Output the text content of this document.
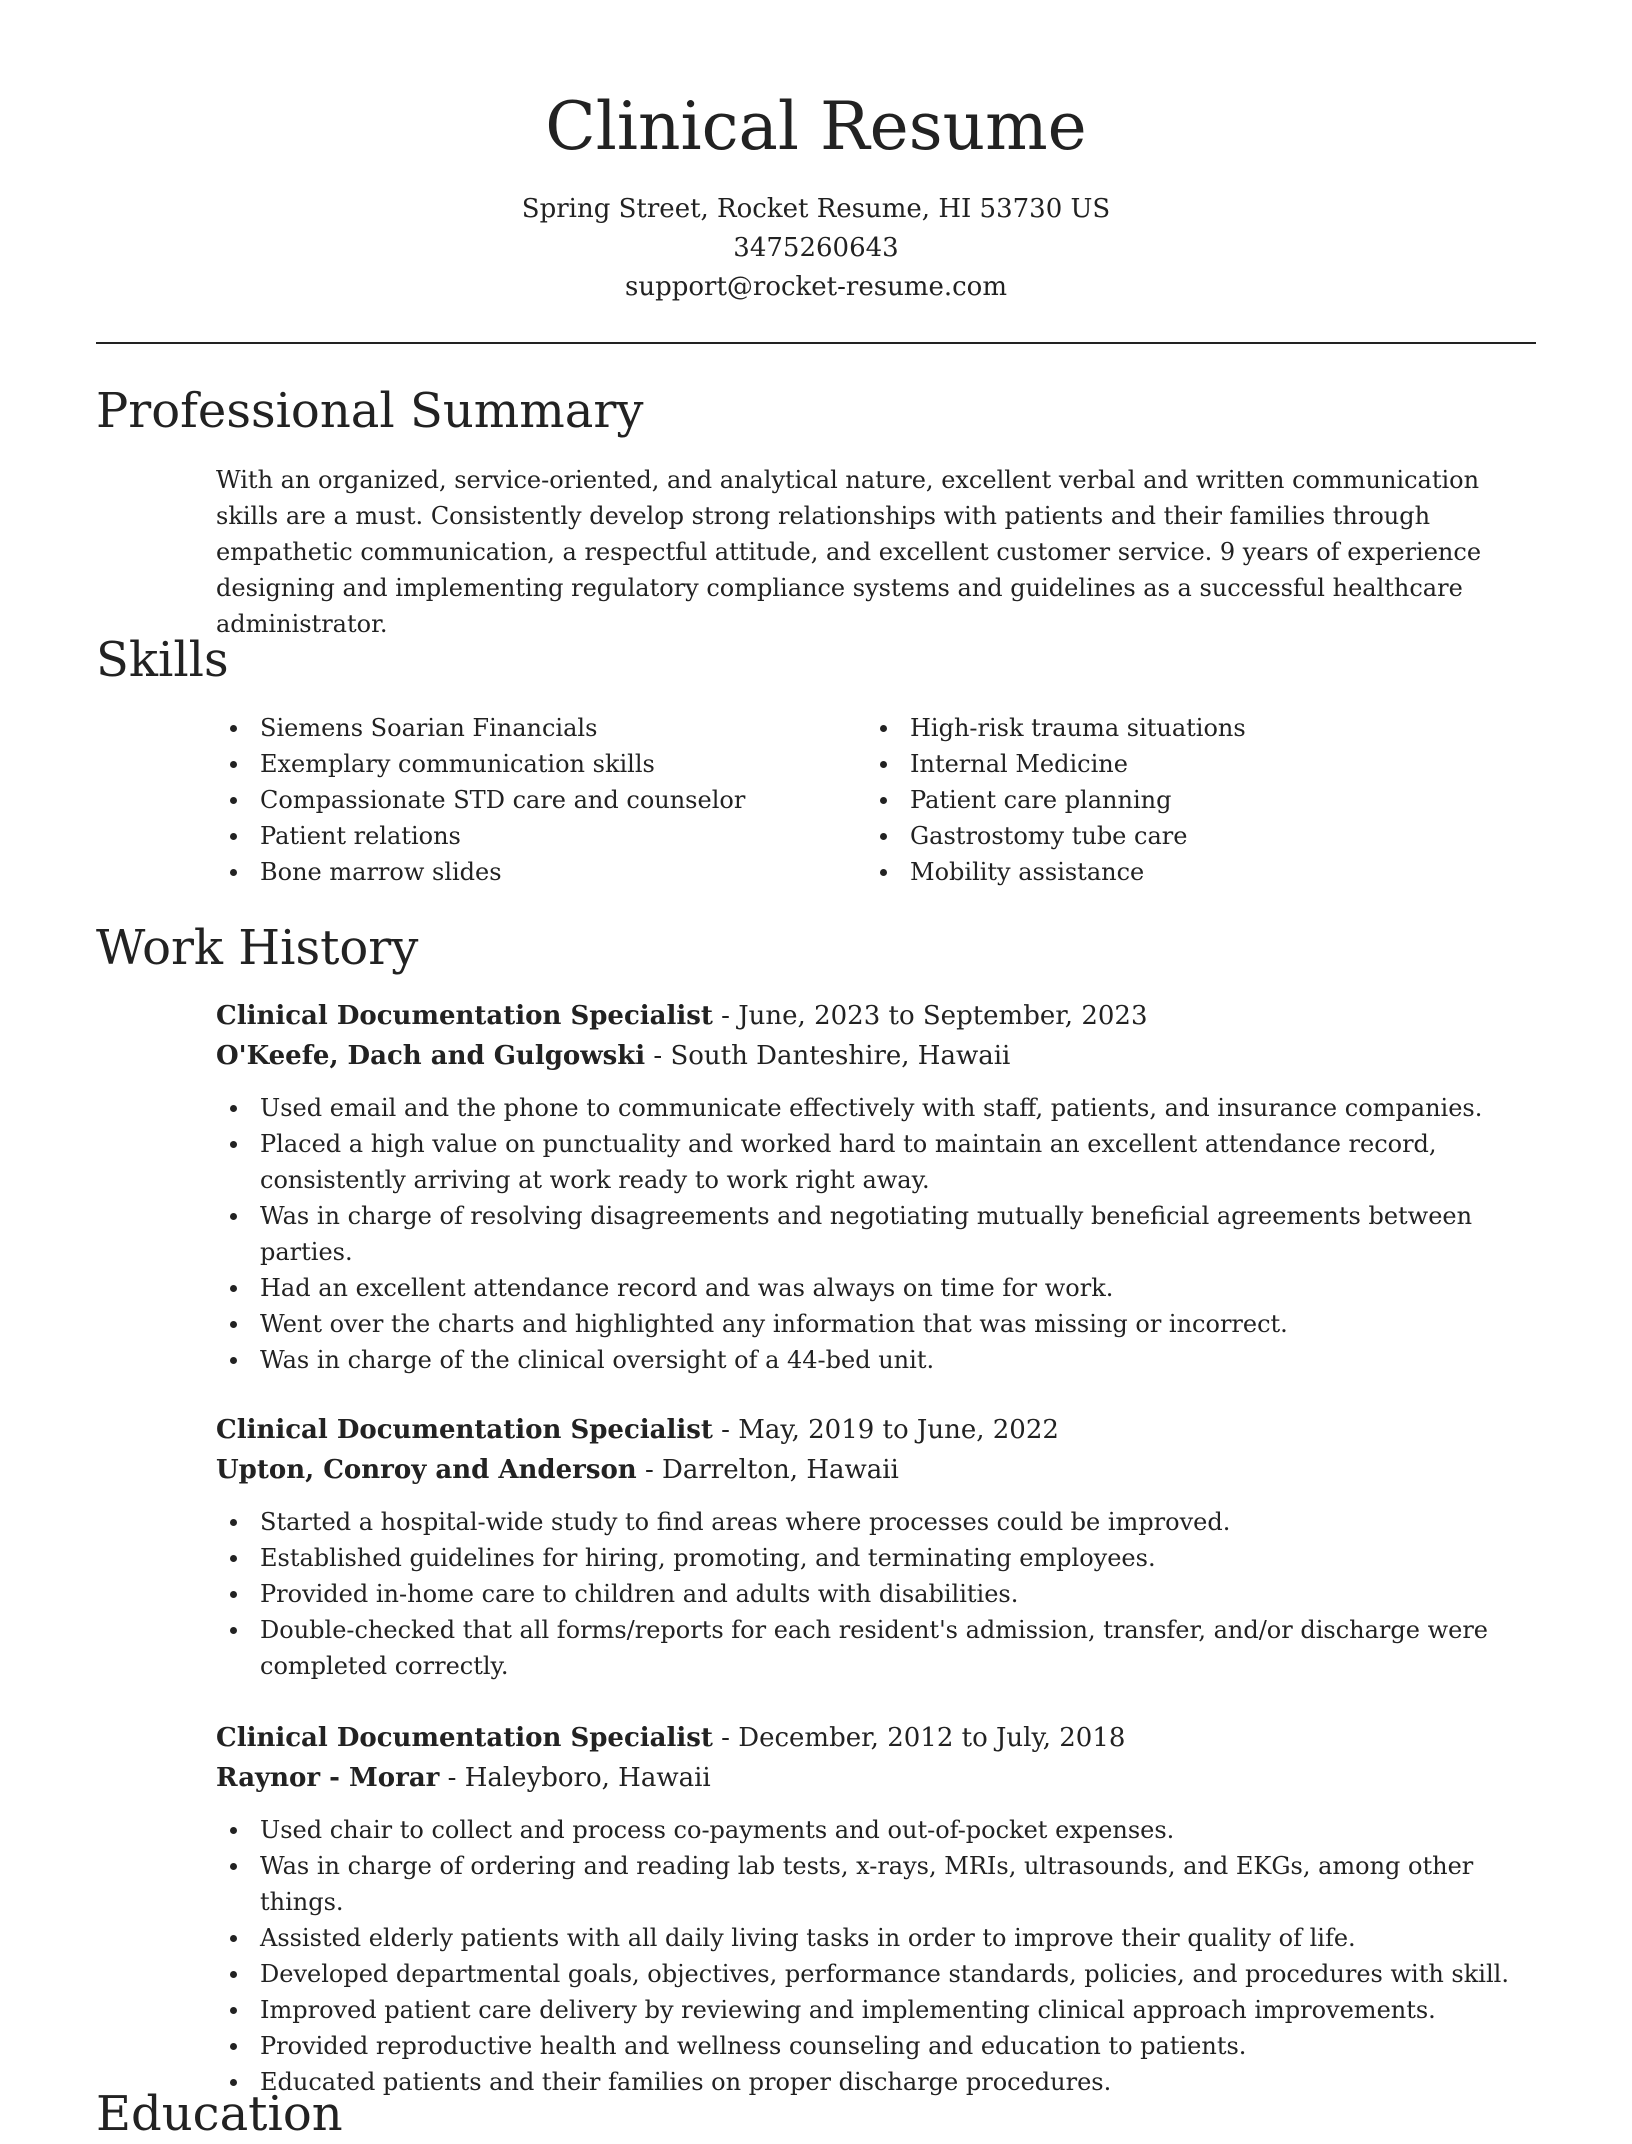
Clinical Resume
Spring Street, Rocket Resume, HI 53730 US
3475260643
support@rocket-resume.com
Professional Summary

With an organized, service-oriented, and analytical nature, excellent verbal and written communication skills are a must. Consistently develop strong relationships with patients and their families through empathetic communication, a respectful attitude, and excellent customer service. 9 years of experience designing and implementing regulatory compliance systems and guidelines as a successful healthcare administrator.

Skills
Siemens Soarian Financials
Exemplary communication skills
Compassionate STD care and counselor
Patient relations
Bone marrow slides
High-risk trauma situations
Internal Medicine
Patient care planning
Gastrostomy tube care
Mobility assistance
Work History
Clinical Documentation Specialist - June, 2023 to September, 2023
O'Keefe, Dach and Gulgowski - South Danteshire, Hawaii
Used email and the phone to communicate effectively with staff, patients, and insurance companies.
Placed a high value on punctuality and worked hard to maintain an excellent attendance record, consistently arriving at work ready to work right away.
Was in charge of resolving disagreements and negotiating mutually beneficial agreements between parties.
Had an excellent attendance record and was always on time for work.
Went over the charts and highlighted any information that was missing or incorrect.
Was in charge of the clinical oversight of a 44-bed unit.
Clinical Documentation Specialist - May, 2019 to June, 2022
Upton, Conroy and Anderson - Darrelton, Hawaii
Started a hospital-wide study to find areas where processes could be improved.
Established guidelines for hiring, promoting, and terminating employees.
Provided in-home care to children and adults with disabilities.
Double-checked that all forms/reports for each resident's admission, transfer, and/or discharge were completed correctly.
Clinical Documentation Specialist - December, 2012 to July, 2018
Raynor - Morar - Haleyboro, Hawaii
Used chair to collect and process co-payments and out-of-pocket expenses.
Was in charge of ordering and reading lab tests, x-rays, MRIs, ultrasounds, and EKGs, among other things.
Assisted elderly patients with all daily living tasks in order to improve their quality of life.
Developed departmental goals, objectives, performance standards, policies, and procedures with skill.
Improved patient care delivery by reviewing and implementing clinical approach improvements.
Provided reproductive health and wellness counseling and education to patients.
Educated patients and their families on proper discharge procedures.
Education
